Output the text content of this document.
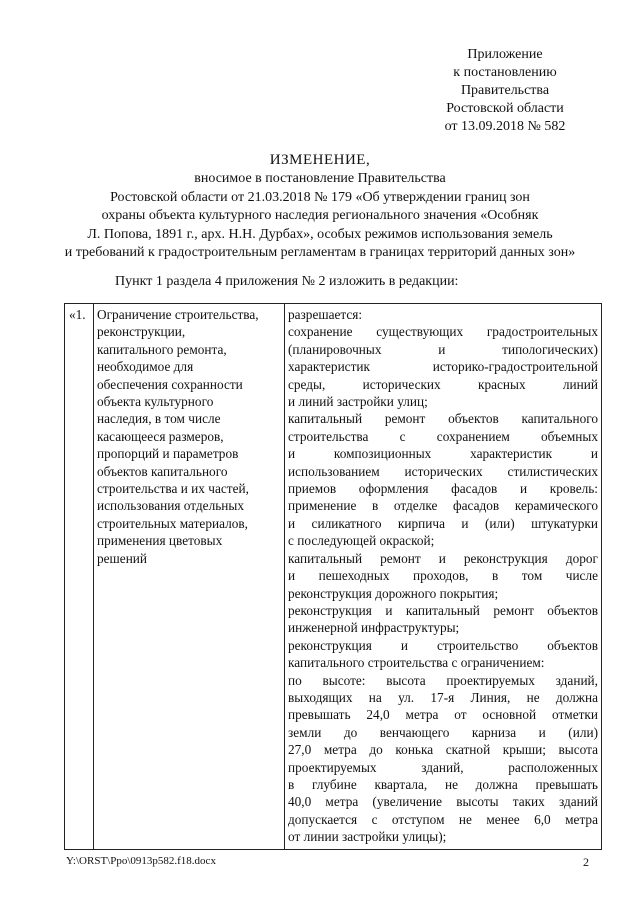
Приложение
к постановлению
Правительства
Ростовской области
от 13.09.2018 № 582
ИЗМЕНЕНИЕ,
вносимое в постановление Правительства
Ростовской области от 21.03.2018 № 179 «Об утверждении границ зон
охраны объекта культурного наследия регионального значения «Особняк
Л. Попова, 1891 г., арх. Н.Н. Дурбах», особых режимов использования земель
и требований к градостроительным регламентам в границах территорий данных зон»
Пункт 1 раздела 4 приложения № 2 изложить в редакции:
«1.	Ограничение строительства,
реконструкции,
капитального ремонта,
необходимое для
обеспечения сохранности
объекта культурного
наследия, в том числе
касающееся размеров,
пропорций и параметров
объектов капитального
строительства и их частей,
использования отдельных
строительных материалов,
применения цветовых
решений

разрешается:
сохранение существующих градостроительных
(планировочных и типологических)
характеристик историко-градостроительной
среды, исторических красных линий
и линий застройки улиц;
капитальный ремонт объектов капитального
строительства с сохранением объемных
и композиционных характеристик и
использованием исторических стилистических
приемов оформления фасадов и кровель:
применение в отделке фасадов керамического
и силикатного кирпича и (или) штукатурки
с последующей окраской;
капитальный ремонт и реконструкция дорог
и пешеходных проходов, в том числе
реконструкция дорожного покрытия;
реконструкция и капитальный ремонт объектов
инженерной инфраструктуры;
реконструкция и строительство объектов
капитального строительства с ограничением:
по высоте: высота проектируемых зданий,
выходящих на ул. 17-я Линия, не должна
превышать 24,0 метра от основной отметки
земли до венчающего карниза и (или)
27,0 метра до конька скатной крыши; высота
проектируемых зданий, расположенных
в глубине квартала, не должна превышать
40,0 метра (увеличение высоты таких зданий
допускается с отступом не менее 6,0 метра
от линии застройки улицы);
Y:\ORST\Ppo\0913p582.f18.docx	2
